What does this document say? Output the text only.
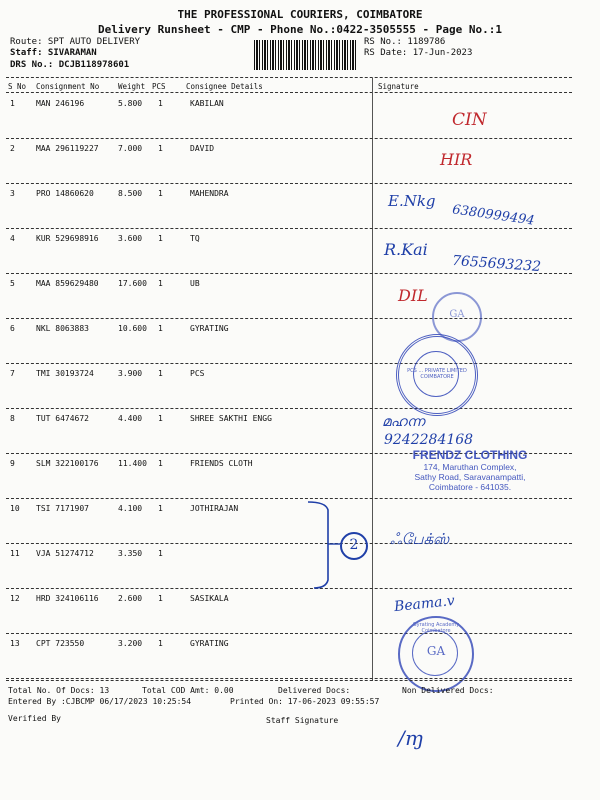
THE PROFESSIONAL COURIERS, COIMBATORE
Delivery Runsheet - CMP - Phone No.:0422-3505555 - Page No.:1
Route: SPT AUTO DELIVERY
Staff: SIVARAMAN
DRS No.: DCJB118978601
RS No.: 1189786
RS Date: 17-Jun-2023
S No Consignment No	Weight PCS	Consignee Details	Signature
1	MAN 246196	5.800 1	KABILAN
2	MAA 296119227 7.000 1	DAVID
3	PRO 14860620	8.500 1	MAHENDRA
4	KUR 529698916 3.600 1	TQ
5	MAA 859629480 17.600 1	UB
6	NKL 8063883	10.600 1	GYRATING
7	TMI 30193724	3.900 1	PCS
8	TUT 6474672	4.400 1	SHREE SAKTHI ENGG
9	SLM 322100176 11.400 1	FRIENDS CLOTH
10 TSI 7171907	4.100 1	JOTHIRAJAN
11 VJA 51274712	3.350 1
12 HRD 324106116 2.600 1	SASIKALA
13 CPT 723550	3.200 1	GYRATING
CIN
HIR
E.Nkg
6380999494
R.Kai
7655693232
DIL
മഹന്ന
9242284168
PCS ... PRIVATE LIMITED COIMBATORE
GA
GA
Gyrating Academy Coimbatore
FRENDZ CLOTHING
174, Maruthan Complex,
Sathy Road, Saravanampatti,
Coimbatore - 641035.
2	ஃபேக்ஸ்
Beama.v
Total No. Of Docs: 13	Total COD Amt: 0.00	Delivered Docs:	Non Delivered Docs:
Entered By :CJBCMP 06/17/2023 10:25:54	Printed On: 17-06-2023 09:55:57
Verified By	Staff Signature
/ɱ
